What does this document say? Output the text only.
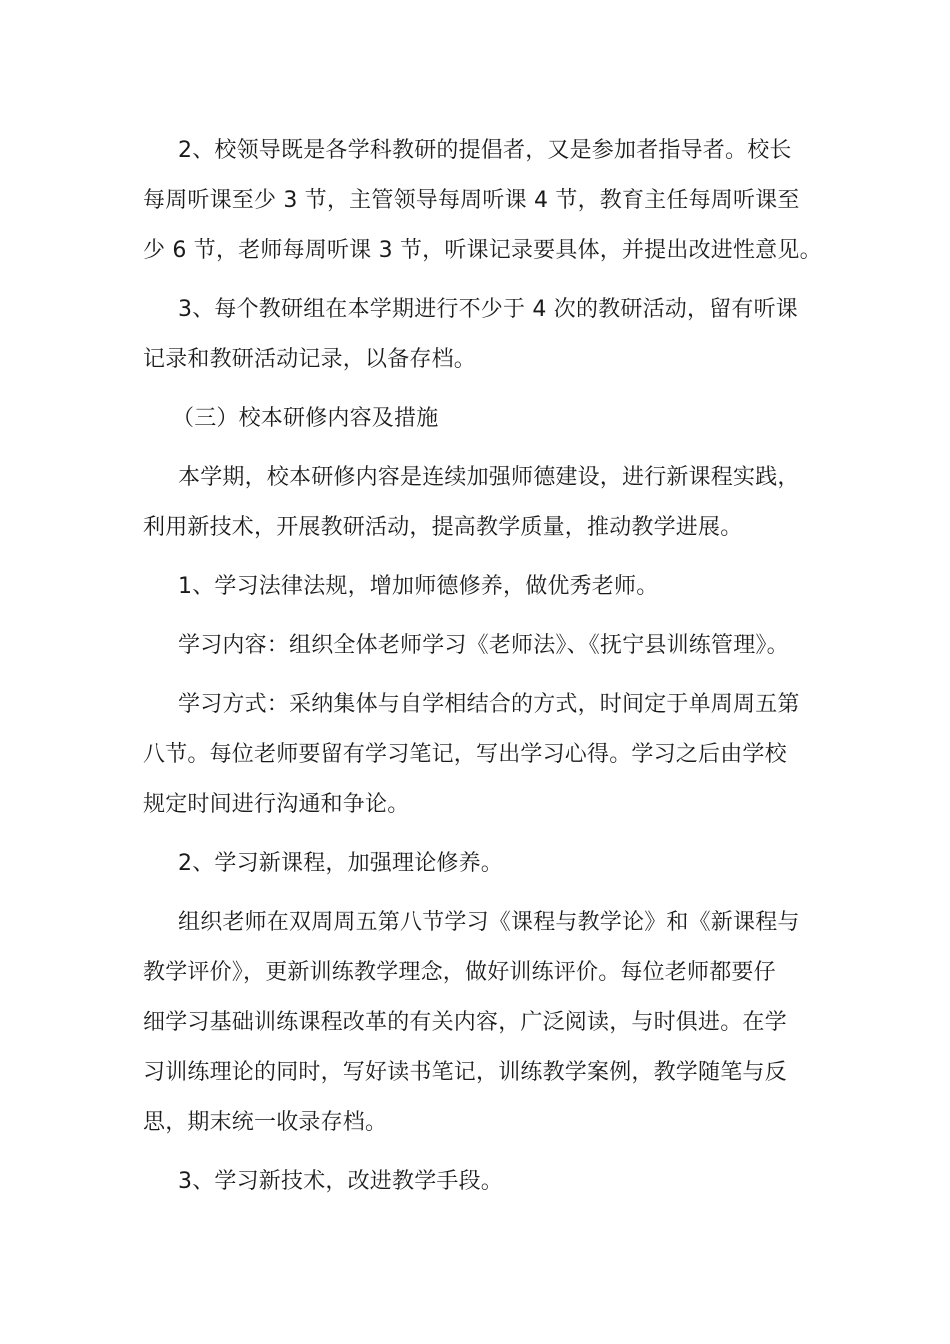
2、校领导既是各学科教研的提倡者，又是参加者指导者。校长
每周听课至少 3 节，主管领导每周听课 4 节，教育主任每周听课至
少 6 节，老师每周听课 3 节，听课记录要具体，并提出改进性意见。
3、每个教研组在本学期进行不少于 4 次的教研活动，留有听课
记录和教研活动记录，以备存档。
（三）校本研修内容及措施
本学期，校本研修内容是连续加强师德建设，进行新课程实践，
利用新技术，开展教研活动，提高教学质量，推动教学进展。
1、学习法律法规，增加师德修养，做优秀老师。
学习内容：组织全体老师学习《老师法》、《抚宁县训练管理》。
学习方式：采纳集体与自学相结合的方式，时间定于单周周五第
八节。每位老师要留有学习笔记，写出学习心得。学习之后由学校
规定时间进行沟通和争论。
2、学习新课程，加强理论修养。
组织老师在双周周五第八节学习《课程与教学论》和《新课程与
教学评价》，更新训练教学理念，做好训练评价。每位老师都要仔
细学习基础训练课程改革的有关内容，广泛阅读，与时俱进。在学
习训练理论的同时，写好读书笔记，训练教学案例，教学随笔与反
思，期末统一收录存档。
3、学习新技术，改进教学手段。
